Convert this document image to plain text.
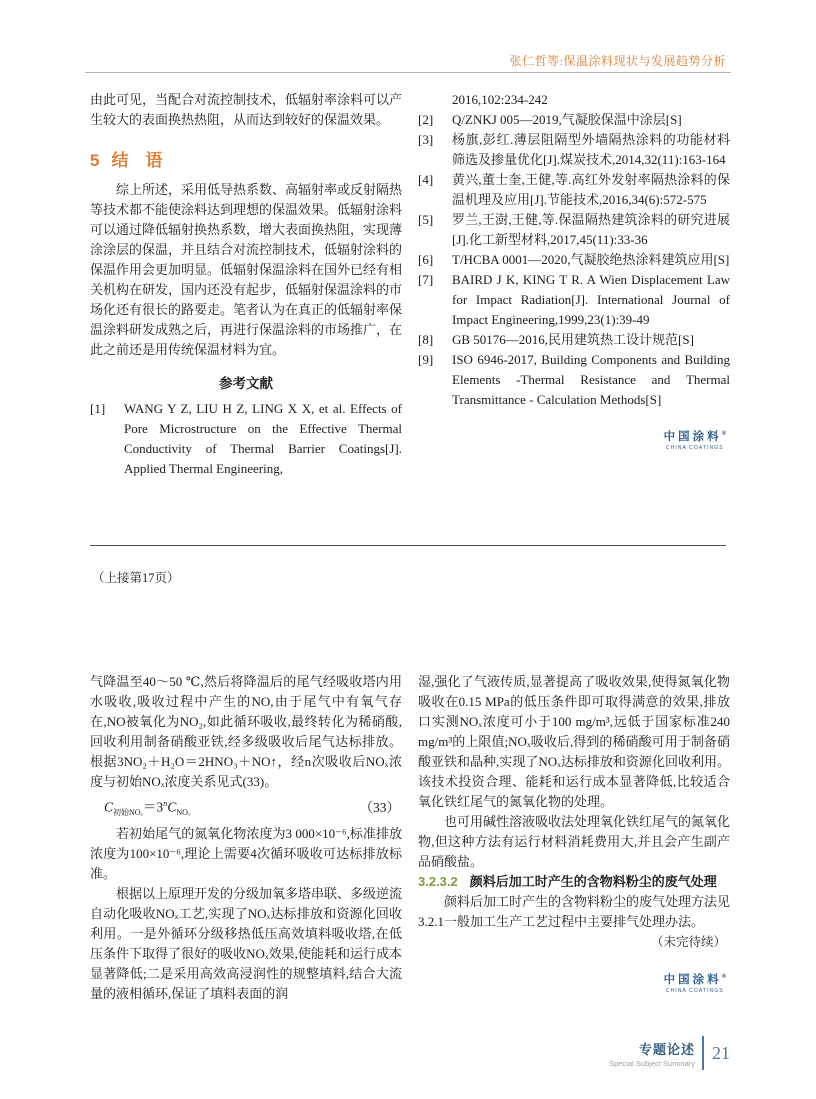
张仁哲等:保温涂料现状与发展趋势分析

由此可见，当配合对流控制技术，低辐射率涂料可以产生较大的表面换热热阻，从而达到较好的保温效果。

5 结　语

综上所述，采用低导热系数、高辐射率或反射隔热等技术都不能使涂料达到理想的保温效果。低辐射涂料可以通过降低辐射换热系数，增大表面换热阻，实现薄涂涂层的保温，并且结合对流控制技术，低辐射涂料的保温作用会更加明显。低辐射保温涂料在国外已经有相关机构在研发，国内还没有起步，低辐射保温涂料的市场化还有很长的路要走。笔者认为在真正的低辐射率保温涂料研发成熟之后，再进行保温涂料的市场推广，在此之前还是用传统保温材料为宜。

参考文献
[1]	WANG Y Z, LIU H Z, LING X X, et al. Effects of Pore Microstructure on the Effective Thermal Conductivity of Thermal Barrier Coatings[J]. Applied Thermal Engineering,
2016,102:234-242
[2]	Q/ZNKJ 005—2019,气凝胶保温中涂层[S]
[3]	杨旗,彭红.薄层阻隔型外墙隔热涂料的功能材料筛选及掺量优化[J].煤炭技术,2014,32(11):163-164
[4]	黄兴,董士奎,王健,等.高红外发射率隔热涂料的保温机理及应用[J].节能技术,2016,34(6):572-575
[5]	罗兰,王澍,王健,等.保温隔热建筑涂料的研究进展[J].化工新型材料,2017,45(11):33-36
[6]	T/HCBA 0001—2020,气凝胶绝热涂料建筑应用[S]
[7]	BAIRD J K, KING T R. A Wien Displacement Law for Impact Radiation[J]. International Journal of Impact Engineering,1999,23(1):39-49
[8]	GB 50176—2016,民用建筑热工设计规范[S]
[9]	ISO 6946-2017, Building Components and Building Elements -Thermal Resistance and Thermal Transmittance - Calculation Methods[S]
中国涂料®
CHINA COATINGS
（上接第17页）

气降温至40～50 ℃,然后将降温后的尾气经吸收塔内用水吸收,吸收过程中产生的NO,由于尾气中有氧气存在,NO被氧化为NO₂,如此循环吸收,最终转化为稀硝酸,回收利用制备硝酸亚铁,经多级吸收后尾气达标排放。根据3NO₂＋H₂O＝2HNO₃＋NO↑，经n次吸收后NOₓ浓度与初始NOₓ浓度关系见式(33)。

$C_{初始NO_x}=3^nC_{NO_x}$	（33）

若初始尾气的氮氧化物浓度为3 000×10⁻⁶,标准排放浓度为100×10⁻⁶,理论上需要4次循环吸收可达标排放标准。

根据以上原理开发的分级加氧多塔串联、多级逆流自动化吸收NOₓ工艺,实现了NOₓ达标排放和资源化回收利用。一是外循环分级移热低压高效填料吸收塔,在低压条件下取得了很好的吸收NOₓ效果,使能耗和运行成本显著降低;二是采用高效高浸润性的规整填料,结合大流量的液相循环,保证了填料表面的润

湿,强化了气液传质,显著提高了吸收效果,使得氮氧化物吸收在0.15 MPa的低压条件即可取得满意的效果,排放口实测NOₓ浓度可小于100 mg/m³,远低于国家标准240 mg/m³的上限值;NOₓ吸收后,得到的稀硝酸可用于制备硝酸亚铁和晶种,实现了NOₓ达标排放和资源化回收利用。该技术投资合理、能耗和运行成本显著降低,比较适合氧化铁红尾气的氮氧化物的处理。

也可用碱性溶液吸收法处理氧化铁红尾气的氮氧化物,但这种方法有运行材料消耗费用大,并且会产生副产品硝酸盐。

3.2.3.2 颜料后加工时产生的含物料粉尘的废气处理

颜料后加工时产生的含物料粉尘的废气处理方法见3.2.1一般加工生产工艺过程中主要排气处理办法。

（未完待续）
中国涂料®
CHINA COATINGS
专题论述
Special Subject Summary
21
